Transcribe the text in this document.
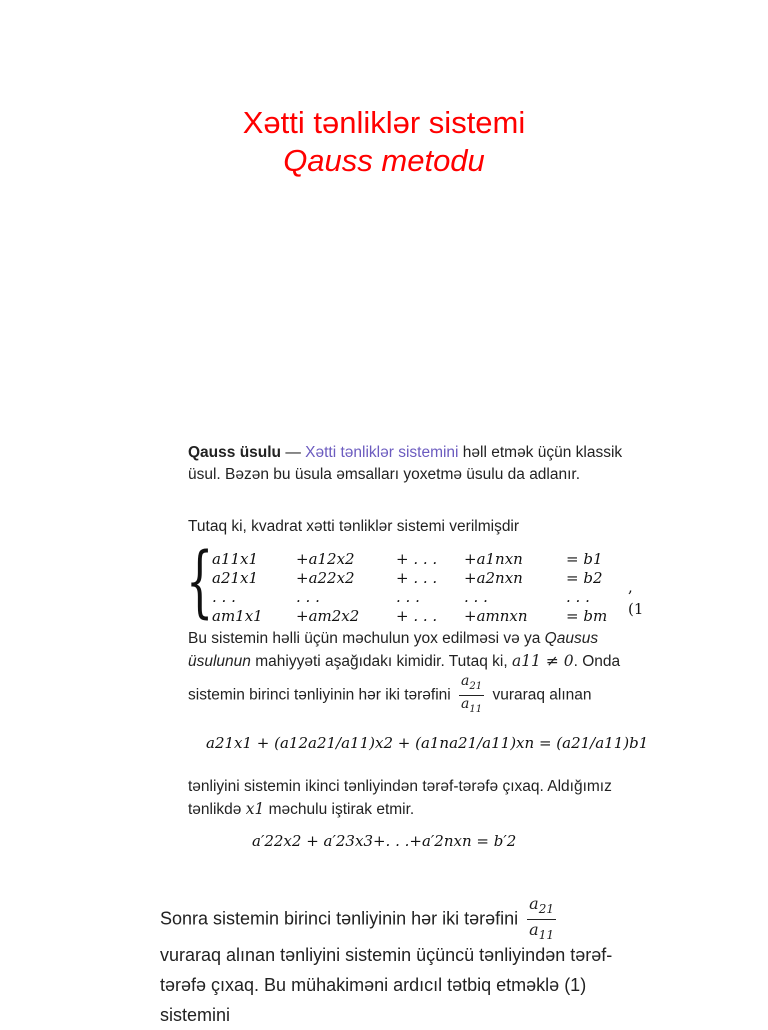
Xətti tənliklər sistemi
Qauss metodu

Qauss üsulu — Xətti tənliklər sistemini həll etmək üçün klassik üsul. Bəzən bu üsula əmsalları yoxetmə üsulu da adlanır.

Tutaq ki, kvadrat xətti tənliklər sistemi verilmişdir

{
a11x1	+a12x2	+ . . .	+a1nxn	= b1
a21x1	+a22x2	+ . . .	+a2nxn	= b2
. . .	. . .	. . .	. . .	. . .
am1x1	+am2x2	+ . . .	+amnxn	= bm
, (1

Bu sistemin həlli üçün məchulun yox edilməsi və ya Qausus üsulunun mahiyyəti aşağıdakı kimidir. Tutaq ki, a11 ≠ 0. Onda sistemin birinci tənliyinin hər iki tərəfini $\frac{a_{21}}{a_{11}}$ vuraraq alınan

a21x1 + (a12a21/a11)x2 + (a1na21/a11)xn = (a21/a11)b1

tənliyini sistemin ikinci tənliyindən tərəf-tərəfə çıxaq. Aldığımız tənlikdə x1 məchulu iştirak etmir.

a′22x2 + a′23x3+. . .+a′2nxn = b′2

Sonra sistemin birinci tənliyinin hər iki tərəfini $\frac{a_{21}}{a_{11}}$

vuraraq alınan tənliyini sistemin üçüncü tənliyindən tərəf-tərəfə çıxaq. Bu mühakiməni ardıcıl tətbiq etməklə (1) sistemini
